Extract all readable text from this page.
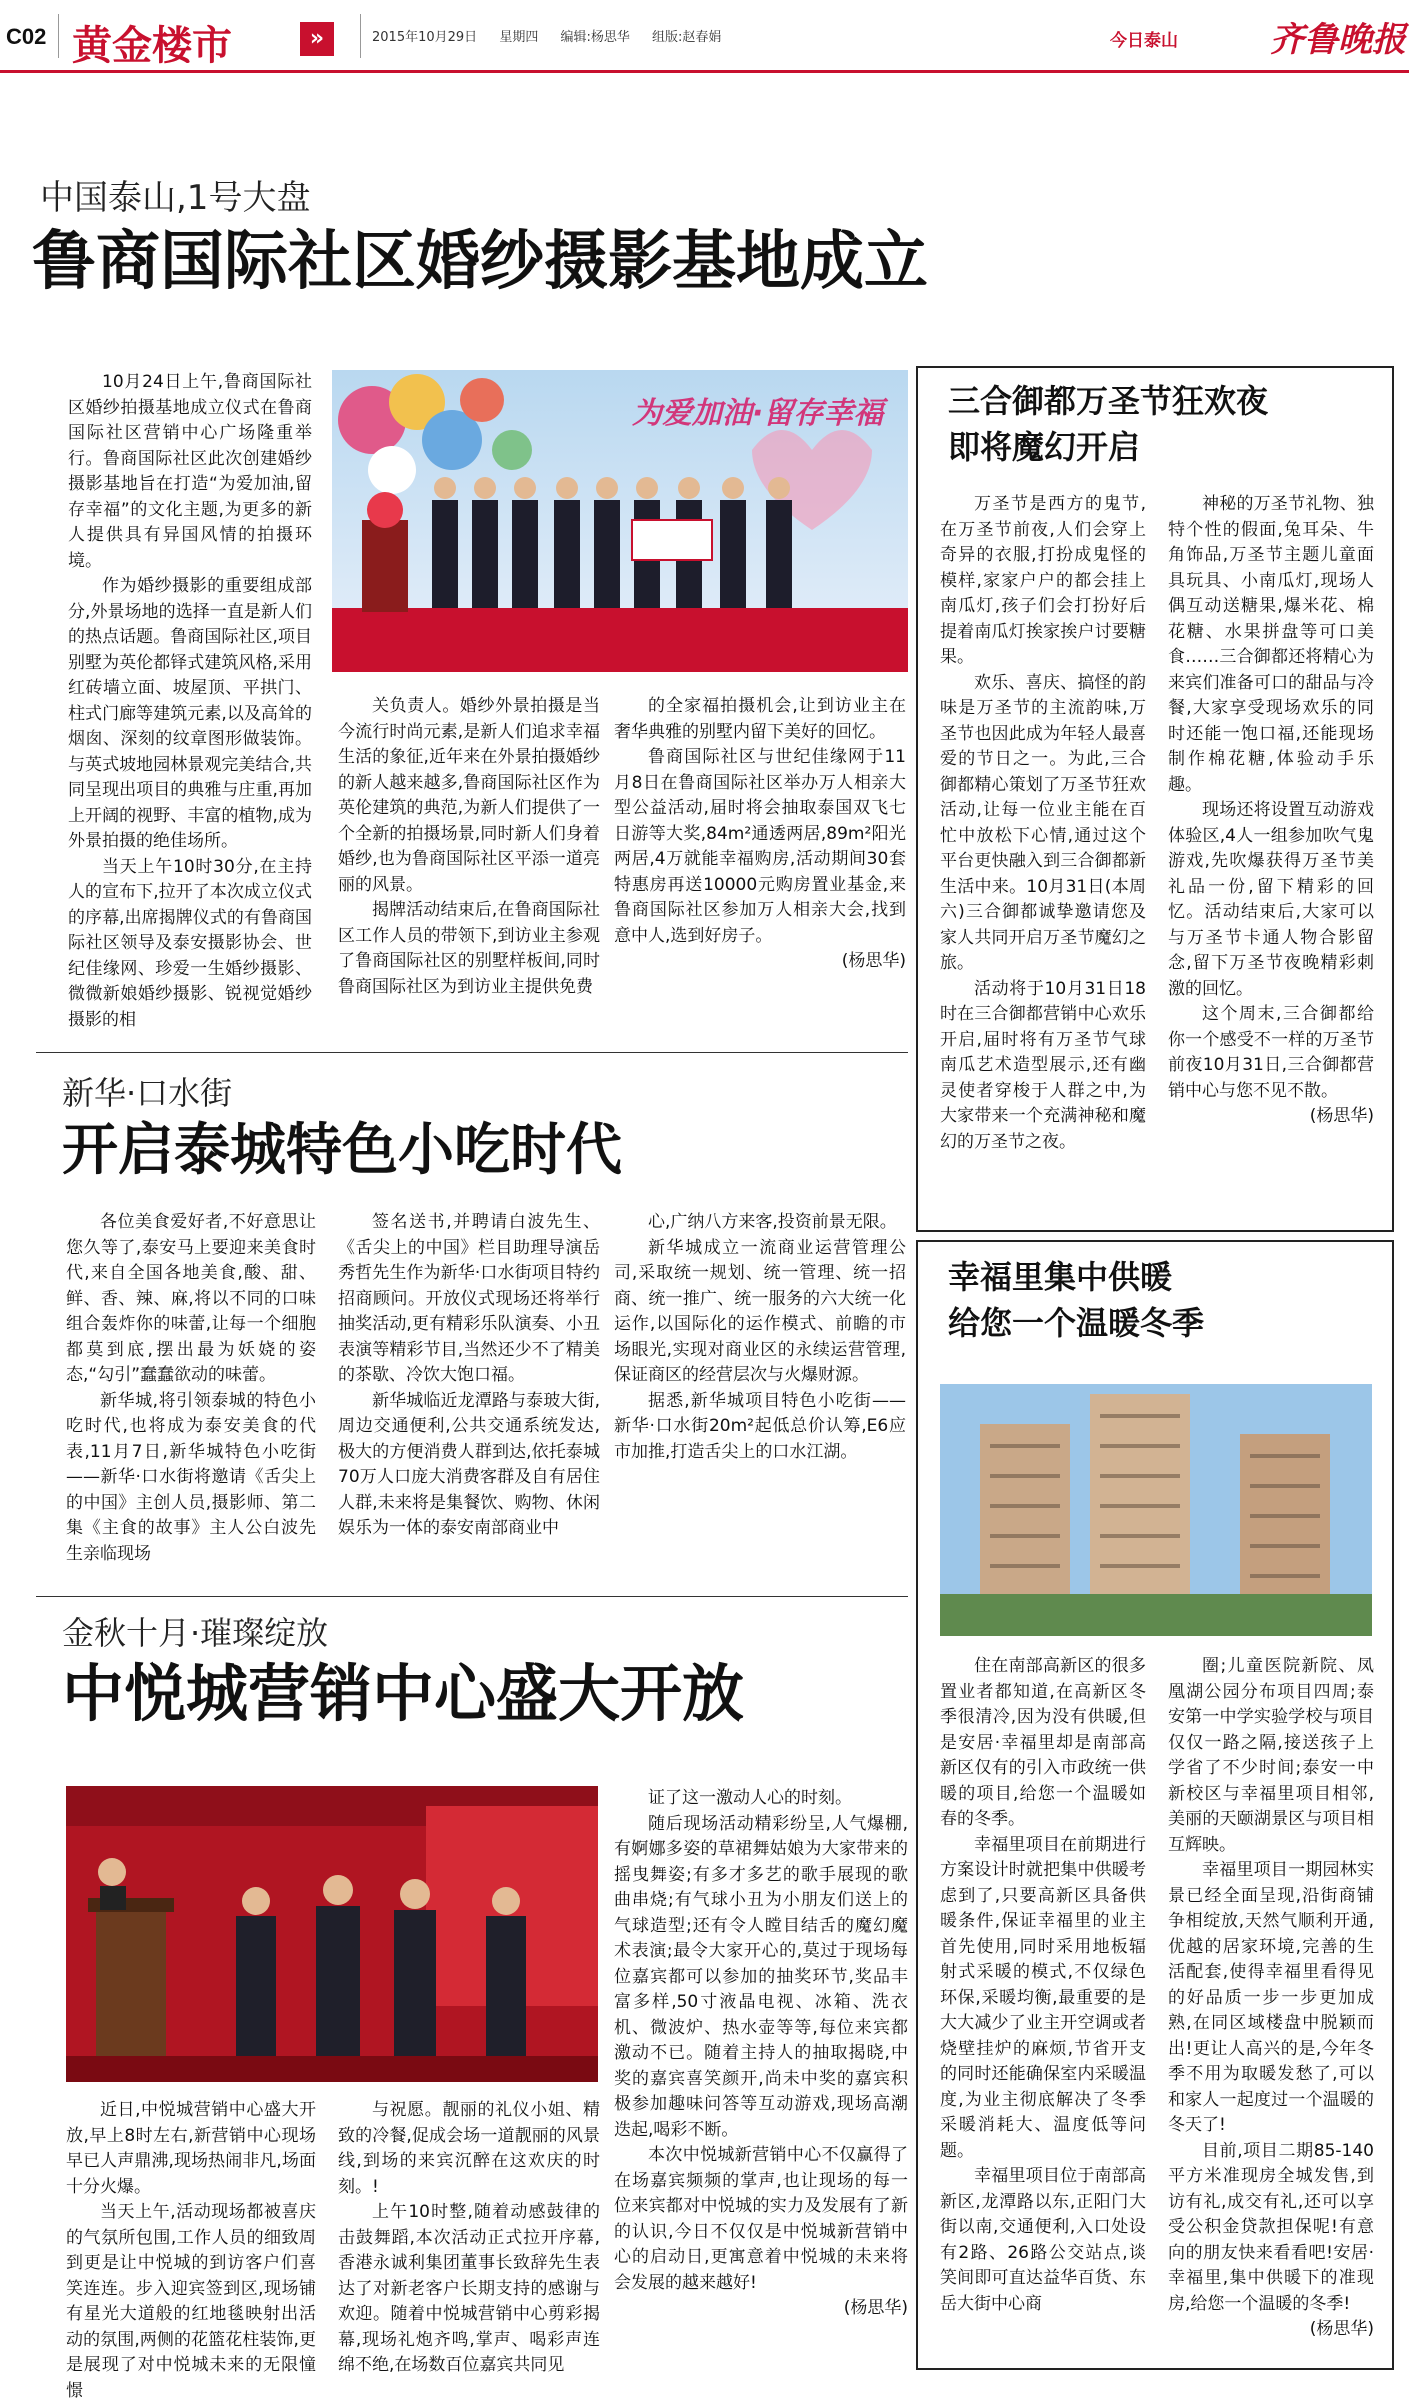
C02 黄金楼市	»	2015年10月29日 星期四 编辑:杨思华 组版:赵春娟	今日泰山	齐鲁晚报
中国泰山,1号大盘
鲁商国际社区婚纱摄影基地成立

10月24日上午,鲁商国际社区婚纱拍摄基地成立仪式在鲁商国际社区营销中心广场隆重举行。鲁商国际社区此次创建婚纱摄影基地旨在打造“为爱加油,留存幸福”的文化主题,为更多的新人提供具有异国风情的拍摄环境。

作为婚纱摄影的重要组成部分,外景场地的选择一直是新人们的热点话题。鲁商国际社区,项目别墅为英伦都铎式建筑风格,采用红砖墙立面、坡屋顶、平拱门、柱式门廊等建筑元素,以及高耸的烟囱、深刻的纹章图形做装饰。与英式坡地园林景观完美结合,共同呈现出项目的典雅与庄重,再加上开阔的视野、丰富的植物,成为外景拍摄的绝佳场所。

当天上午10时30分,在主持人的宣布下,拉开了本次成立仪式的序幕,出席揭牌仪式的有鲁商国际社区领导及泰安摄影协会、世纪佳缘网、珍爱一生婚纱摄影、微微新娘婚纱摄影、锐视觉婚纱摄影的相

为爱加油·留存幸福

关负责人。婚纱外景拍摄是当今流行时尚元素,是新人们追求幸福生活的象征,近年来在外景拍摄婚纱的新人越来越多,鲁商国际社区作为英伦建筑的典范,为新人们提供了一个全新的拍摄场景,同时新人们身着婚纱,也为鲁商国际社区平添一道亮丽的风景。

揭牌活动结束后,在鲁商国际社区工作人员的带领下,到访业主参观了鲁商国际社区的别墅样板间,同时鲁商国际社区为到访业主提供免费

的全家福拍摄机会,让到访业主在奢华典雅的别墅内留下美好的回忆。

鲁商国际社区与世纪佳缘网于11月8日在鲁商国际社区举办万人相亲大型公益活动,届时将会抽取泰国双飞七日游等大奖,84m²通透两居,89m²阳光两居,4万就能幸福购房,活动期间30套特惠房再送10000元购房置业基金,来鲁商国际社区参加万人相亲大会,找到意中人,选到好房子。

(杨思华)

新华·口水街
开启泰城特色小吃时代

各位美食爱好者,不好意思让您久等了,泰安马上要迎来美食时代,来自全国各地美食,酸、甜、鲜、香、辣、麻,将以不同的口味组合轰炸你的味蕾,让每一个细胞都莫到底,摆出最为妖娆的姿态,“勾引”蠢蠢欲动的味蕾。

新华城,将引领泰城的特色小吃时代,也将成为泰安美食的代表,11月7日,新华城特色小吃街——新华·口水街将邀请《舌尖上的中国》主创人员,摄影师、第二集《主食的故事》主人公白波先生亲临现场

签名送书,并聘请白波先生、《舌尖上的中国》栏目助理导演岳秀哲先生作为新华·口水街项目特约招商顾问。开放仪式现场还将举行抽奖活动,更有精彩乐队演奏、小丑表演等精彩节目,当然还少不了精美的茶歇、冷饮大饱口福。

新华城临近龙潭路与泰玻大街,周边交通便利,公共交通系统发达,极大的方便消费人群到达,依托泰城70万人口庞大消费客群及自有居住人群,未来将是集餐饮、购物、休闲娱乐为一体的泰安南部商业中

心,广纳八方来客,投资前景无限。

新华城成立一流商业运营管理公司,采取统一规划、统一管理、统一招商、统一推广、统一服务的六大统一化运作,以国际化的运作模式、前瞻的市场眼光,实现对商业区的永续运营管理,保证商区的经营层次与火爆财源。

据悉,新华城项目特色小吃街——新华·口水街20m²起低总价认筹,E6应市加推,打造舌尖上的口水江湖。

金秋十月·璀璨绽放
中悦城营销中心盛大开放

近日,中悦城营销中心盛大开放,早上8时左右,新营销中心现场早已人声鼎沸,现场热闹非凡,场面十分火爆。

当天上午,活动现场都被喜庆的气氛所包围,工作人员的细致周到更是让中悦城的到访客户们喜笑连连。步入迎宾签到区,现场铺有星光大道般的红地毯映射出活动的氛围,两侧的花篮花柱装饰,更是展现了对中悦城未来的无限憧憬

与祝愿。靓丽的礼仪小姐、精致的冷餐,促成会场一道靓丽的风景线,到场的来宾沉醉在这欢庆的时刻。!

上午10时整,随着动感鼓律的击鼓舞蹈,本次活动正式拉开序幕,香港永诚利集团董事长致辞先生表达了对新老客户长期支持的感谢与欢迎。随着中悦城营销中心剪彩揭幕,现场礼炮齐鸣,掌声、喝彩声连绵不绝,在场数百位嘉宾共同见

证了这一激动人心的时刻。

随后现场活动精彩纷呈,人气爆棚,有婀娜多姿的草裙舞姑娘为大家带来的摇曳舞姿;有多才多艺的歌手展现的歌曲串烧;有气球小丑为小朋友们送上的气球造型;还有令人瞠目结舌的魔幻魔术表演;最令大家开心的,莫过于现场每位嘉宾都可以参加的抽奖环节,奖品丰富多样,50寸液晶电视、冰箱、洗衣机、微波炉、热水壶等等,每位来宾都激动不已。随着主持人的抽取揭晓,中奖的嘉宾喜笑颜开,尚未中奖的嘉宾积极参加趣味问答等互动游戏,现场高潮迭起,喝彩不断。

本次中悦城新营销中心不仅赢得了在场嘉宾频频的掌声,也让现场的每一位来宾都对中悦城的实力及发展有了新的认识,今日不仅仅是中悦城新营销中心的启动日,更寓意着中悦城的未来将会发展的越来越好!

(杨思华)

三合御都万圣节狂欢夜
即将魔幻开启

万圣节是西方的鬼节,在万圣节前夜,人们会穿上奇异的衣服,打扮成鬼怪的模样,家家户户的都会挂上南瓜灯,孩子们会打扮好后提着南瓜灯挨家挨户讨要糖果。

欢乐、喜庆、搞怪的韵味是万圣节的主流韵味,万圣节也因此成为年轻人最喜爱的节日之一。为此,三合御都精心策划了万圣节狂欢活动,让每一位业主能在百忙中放松下心情,通过这个平台更快融入到三合御都新生活中来。10月31日(本周六)三合御都诚挚邀请您及家人共同开启万圣节魔幻之旅。

活动将于10月31日18时在三合御都营销中心欢乐开启,届时将有万圣节气球南瓜艺术造型展示,还有幽灵使者穿梭于人群之中,为大家带来一个充满神秘和魔幻的万圣节之夜。

神秘的万圣节礼物、独特个性的假面,兔耳朵、牛角饰品,万圣节主题儿童面具玩具、小南瓜灯,现场人偶互动送糖果,爆米花、棉花糖、水果拼盘等可口美食……三合御都还将精心为来宾们准备可口的甜品与冷餐,大家享受现场欢乐的同时还能一饱口福,还能现场制作棉花糖,体验动手乐趣。

现场还将设置互动游戏体验区,4人一组参加吹气鬼游戏,先吹爆获得万圣节美礼品一份,留下精彩的回忆。活动结束后,大家可以与万圣节卡通人物合影留念,留下万圣节夜晚精彩刺激的回忆。

这个周末,三合御都给你一个感受不一样的万圣节前夜10月31日,三合御都营销中心与您不见不散。

(杨思华)

幸福里集中供暖
给您一个温暖冬季

住在南部高新区的很多置业者都知道,在高新区冬季很清冷,因为没有供暖,但是安居·幸福里却是南部高新区仅有的引入市政统一供暖的项目,给您一个温暖如春的冬季。

幸福里项目在前期进行方案设计时就把集中供暖考虑到了,只要高新区具备供暖条件,保证幸福里的业主首先使用,同时采用地板辐射式采暖的模式,不仅绿色环保,采暖均衡,最重要的是大大减少了业主开空调或者烧壁挂炉的麻烦,节省开支的同时还能确保室内采暖温度,为业主彻底解决了冬季采暖消耗大、温度低等问题。

幸福里项目位于南部高新区,龙潭路以东,正阳门大街以南,交通便利,入口处设有2路、26路公交站点,谈笑间即可直达益华百货、东岳大街中心商

圈;儿童医院新院、凤凰湖公园分布项目四周;泰安第一中学实验学校与项目仅仅一路之隔,接送孩子上学省了不少时间;泰安一中新校区与幸福里项目相邻,美丽的天颐湖景区与项目相互辉映。

幸福里项目一期园林实景已经全面呈现,沿街商铺争相绽放,天然气顺利开通,优越的居家环境,完善的生活配套,使得幸福里看得见的好品质一步一步更加成熟,在同区域楼盘中脱颖而出!更让人高兴的是,今年冬季不用为取暖发愁了,可以和家人一起度过一个温暖的冬天了!

目前,项目二期85-140平方米准现房全城发售,到访有礼,成交有礼,还可以享受公积金贷款担保呢!有意向的朋友快来看看吧!安居·幸福里,集中供暖下的准现房,给您一个温暖的冬季!

(杨思华)
